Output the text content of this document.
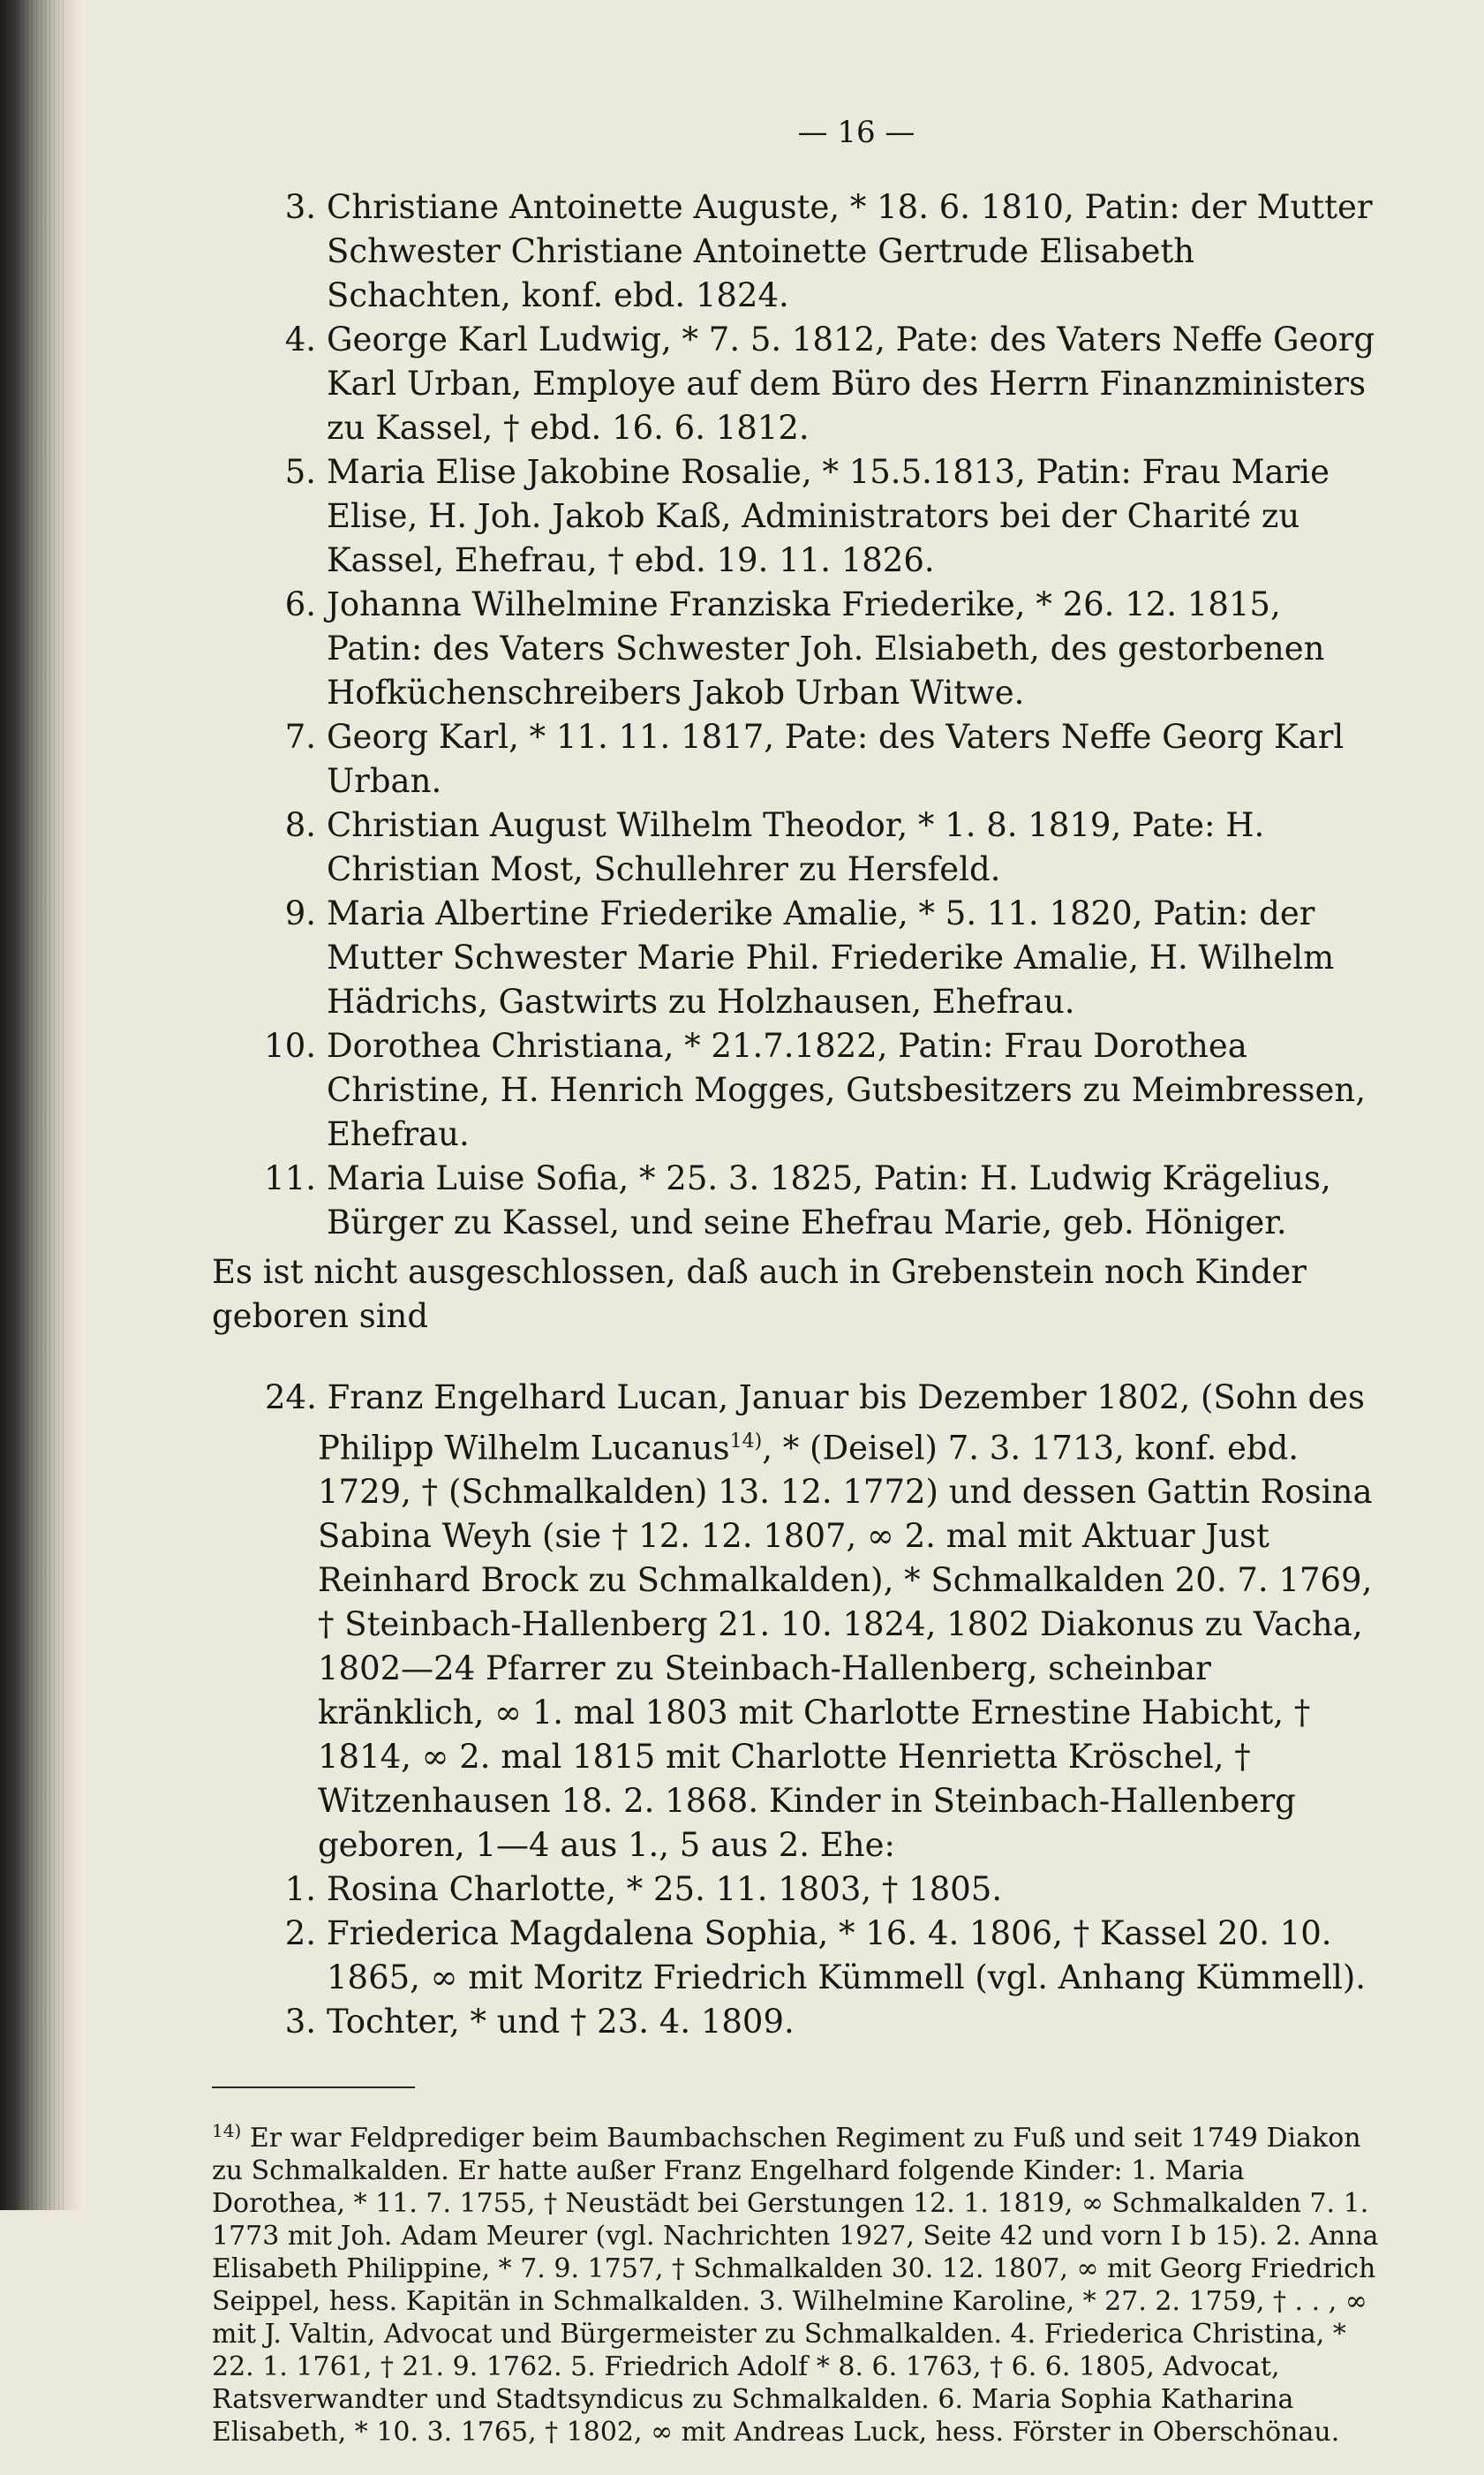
— 16 —

3. Christiane Antoinette Auguste, * 18. 6. 1810, Patin: der Mutter Schwester Christiane Antoinette Gertrude Elisabeth Schachten, konf. ebd. 1824.

4. George Karl Ludwig, * 7. 5. 1812, Pate: des Vaters Neffe Georg Karl Urban, Employe auf dem Büro des Herrn Finanzministers zu Kassel, † ebd. 16. 6. 1812.

5. Maria Elise Jakobine Rosalie, * 15.5.1813, Patin: Frau Marie Elise, H. Joh. Jakob Kaß, Administrators bei der Charité zu Kassel, Ehefrau, † ebd. 19. 11. 1826.

6. Johanna Wilhelmine Franziska Friederike, * 26. 12. 1815, Patin: des Vaters Schwester Joh. Elsiabeth, des gestorbenen Hofküchenschreibers Jakob Urban Witwe.

7. Georg Karl, * 11. 11. 1817, Pate: des Vaters Neffe Georg Karl Urban.

8. Christian August Wilhelm Theodor, * 1. 8. 1819, Pate: H. Christian Most, Schullehrer zu Hersfeld.

9. Maria Albertine Friederike Amalie, * 5. 11. 1820, Patin: der Mutter Schwester Marie Phil. Friederike Amalie, H. Wilhelm Hädrichs, Gastwirts zu Holzhausen, Ehefrau.

10. Dorothea Christiana, * 21.7.1822, Patin: Frau Dorothea Christine, H. Henrich Mogges, Gutsbesitzers zu Meimbressen, Ehefrau.

11. Maria Luise Sofia, * 25. 3. 1825, Patin: H. Ludwig Krägelius, Bürger zu Kassel, und seine Ehefrau Marie, geb. Höniger.

Es ist nicht ausgeschlossen, daß auch in Grebenstein noch Kinder geboren sind

24. Franz Engelhard Lucan, Januar bis Dezember 1802, (Sohn des Philipp Wilhelm Lucanus$^{14)}$, * (Deisel) 7. 3. 1713, konf. ebd. 1729, † (Schmalkalden) 13. 12. 1772) und dessen Gattin Rosina Sabina Weyh (sie † 12. 12. 1807, ∞ 2. mal mit Aktuar Just Reinhard Brock zu Schmalkalden), * Schmalkalden 20. 7. 1769, † Steinbach-Hallenberg 21. 10. 1824, 1802 Diakonus zu Vacha, 1802—24 Pfarrer zu Steinbach-Hallenberg, scheinbar kränklich, ∞ 1. mal 1803 mit Charlotte Ernestine Habicht, † 1814, ∞ 2. mal 1815 mit Charlotte Henrietta Kröschel, † Witzenhausen 18. 2. 1868. Kinder in Steinbach-Hallenberg geboren, 1—4 aus 1., 5 aus 2. Ehe:

1. Rosina Charlotte, * 25. 11. 1803, † 1805.

2. Friederica Magdalena Sophia, * 16. 4. 1806, † Kassel 20. 10. 1865, ∞ mit Moritz Friedrich Kümmell (vgl. Anhang Kümmell).

3. Tochter, * und † 23. 4. 1809.

$^{14)}$ Er war Feldprediger beim Baumbachschen Regiment zu Fuß und seit 1749 Diakon zu Schmalkalden. Er hatte außer Franz Engelhard folgende Kinder: 1. Maria Dorothea, * 11. 7. 1755, † Neustädt bei Gerstungen 12. 1. 1819, ∞ Schmalkalden 7. 1. 1773 mit Joh. Adam Meurer (vgl. Nachrichten 1927, Seite 42 und vorn I b 15). 2. Anna Elisabeth Philippine, * 7. 9. 1757, † Schmalkalden 30. 12. 1807, ∞ mit Georg Friedrich Seippel, hess. Kapitän in Schmalkalden. 3. Wilhelmine Karoline, * 27. 2. 1759, † . . , ∞ mit J. Valtin, Advocat und Bürgermeister zu Schmalkalden. 4. Friederica Christina, * 22. 1. 1761, † 21. 9. 1762. 5. Friedrich Adolf * 8. 6. 1763, † 6. 6. 1805, Advocat, Ratsverwandter und Stadtsyndicus zu Schmalkalden. 6. Maria Sophia Katharina Elisabeth, * 10. 3. 1765, † 1802, ∞ mit Andreas Luck, hess. Förster in Oberschönau.
